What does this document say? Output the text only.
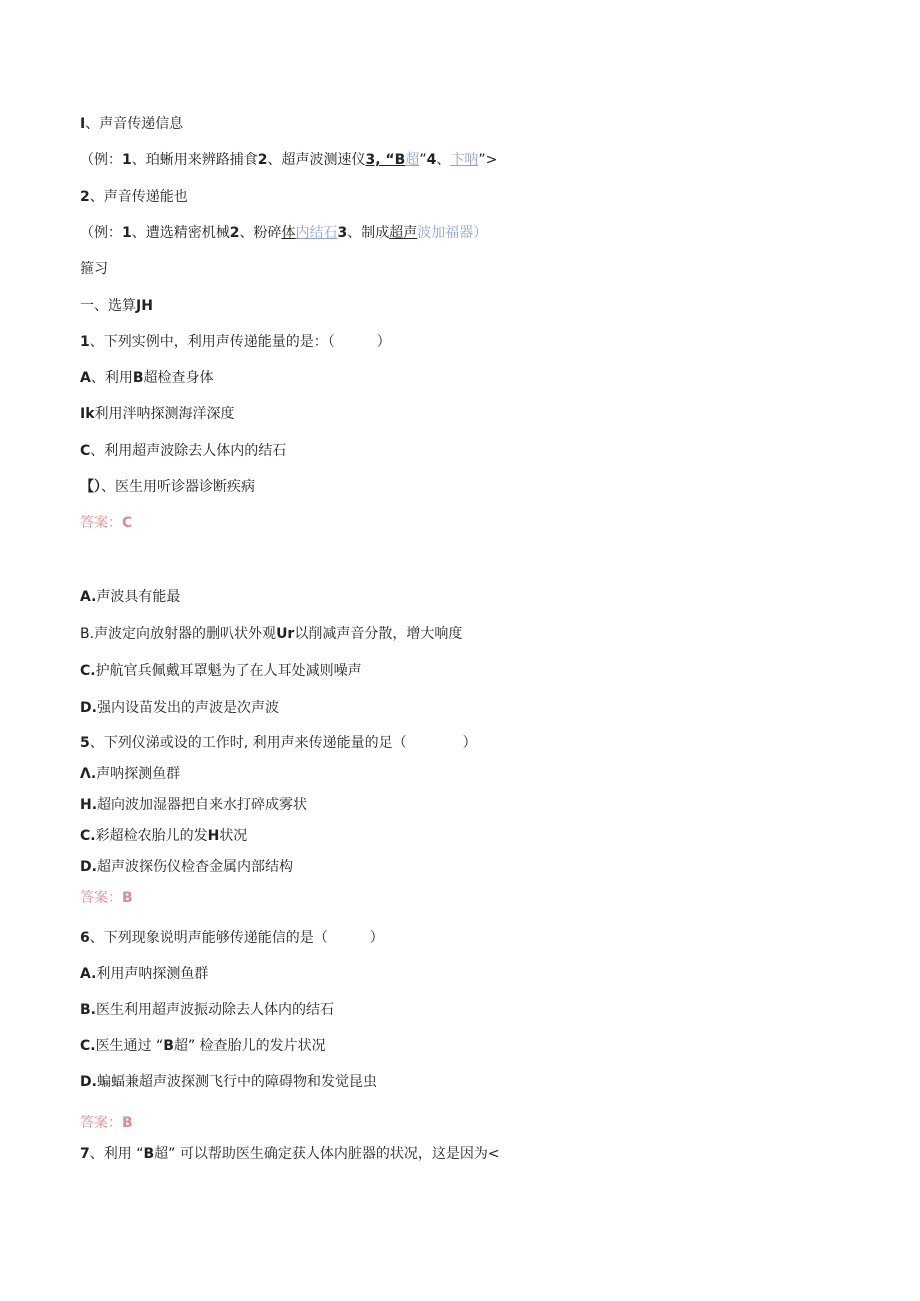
I、声音传递信息
（例：1、珀蜥用来辨路捕食2、超声波测速仪3, “B超”4、卞呐”>
2、声音传递能也
（例：1、遭选精密机械2、粉碎体内结石3、制成超声波加福器）
箍习
一、选算JH
1、下列实例中，利用声传递能量的是：（　　　）
A、利用B超检查身体
Ik利用泮呐探测海洋深度
C、利用超声波除去人体内的结石
【）、医生用听诊器诊断疾病
答案：C
A.声波具有能最
B.声波定向放射器的删叭状外观Ur以削减声音分散，增大响度
C.护航官兵佩戴耳罩魁为了在人耳处减则噪声
D.强内设苗发出的声波是次声波
5、下列仪涕或设的工作时, 利用声来传递能量的足（　　　　）
Λ.声呐探测鱼群
H.超向波加湿器把自来水打碎成雾状
C.彩超检农胎儿的发H状况
D.超声波探伤仪检杳金属内部结构
答案：B
6、下列现象说明声能够传递能信的是（　　　）
A.利用声呐探测鱼群
B.医生利用超声波振动除去人体内的结石
C.医生通过 “B超” 检查胎儿的发片状况
D.蝙蝠兼超声波探测飞行中的障碍物和发觉昆虫
答案：B
7、利用 “B超” 可以帮助医生确定获人体内脏器的状况，这是因为<
